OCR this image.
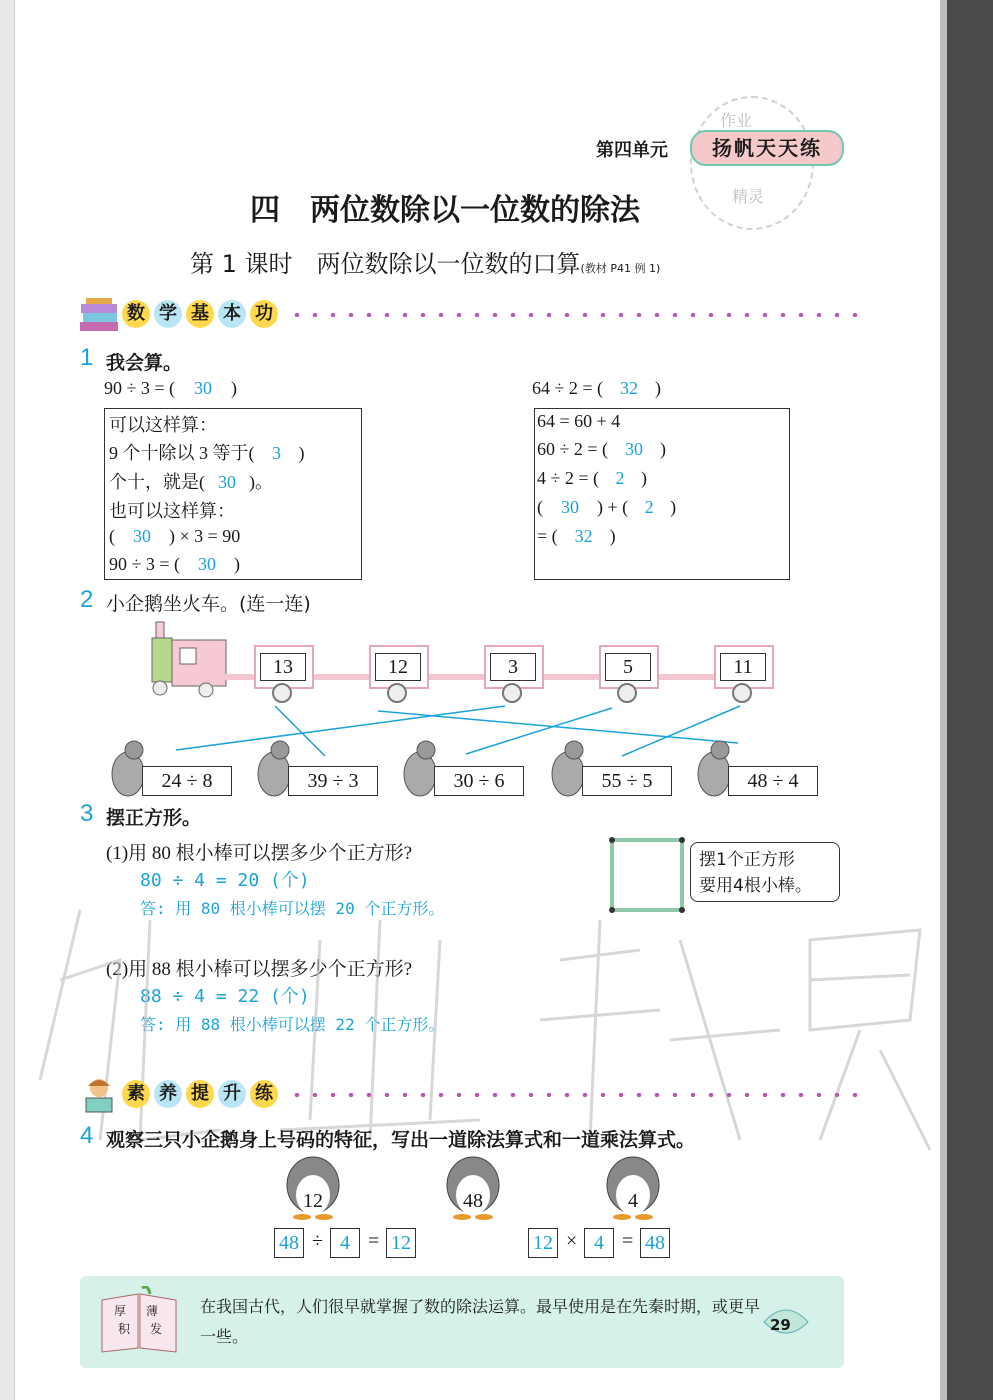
作业
精灵
第四单元	扬帆天天练
四　两位数除以一位数的除法
第 1 课时　两位数除以一位数的口算(教材 P41 例 1)
数 学 基 本 功
1 我会算。
90 ÷ 3 = ( 30 )
可以这样算：
9 个十除以 3 等于( 3 )
个十，就是( 30 )。
也可以这样算：
( 30 ) × 3 = 90
90 ÷ 3 = ( 30 )
64 ÷ 2 = ( 32 )
64 = 60 + 4
60 ÷ 2 = ( 30 )
4 ÷ 2 = ( 2 )
( 30 ) + ( 2 )
= ( 32 )
2 小企鹅坐火车。(连一连)
13	12	3	5	11
24 ÷ 8	39 ÷ 3	30 ÷ 6	55 ÷ 5	48 ÷ 4
3 摆正方形。
(1)用 80 根小棒可以摆多少个正方形?
80 ÷ 4 = 20 (个)
答: 用 80 根小棒可以摆 20 个正方形。
摆1个正方形
要用4根小棒。
(2)用 88 根小棒可以摆多少个正方形?
88 ÷ 4 = 22 (个)
答: 用 88 根小棒可以摆 22 个正方形。
素 养 提 升 练
4 观察三只小企鹅身上号码的特征，写出一道除法算式和一道乘法算式。
12	48	4
48 ÷ 4 = 12	12 × 4 = 48
厚 薄
积 发
在我国古代，人们很早就掌握了数的除法运算。最早使用是在先秦时期，或更早一些。
29
